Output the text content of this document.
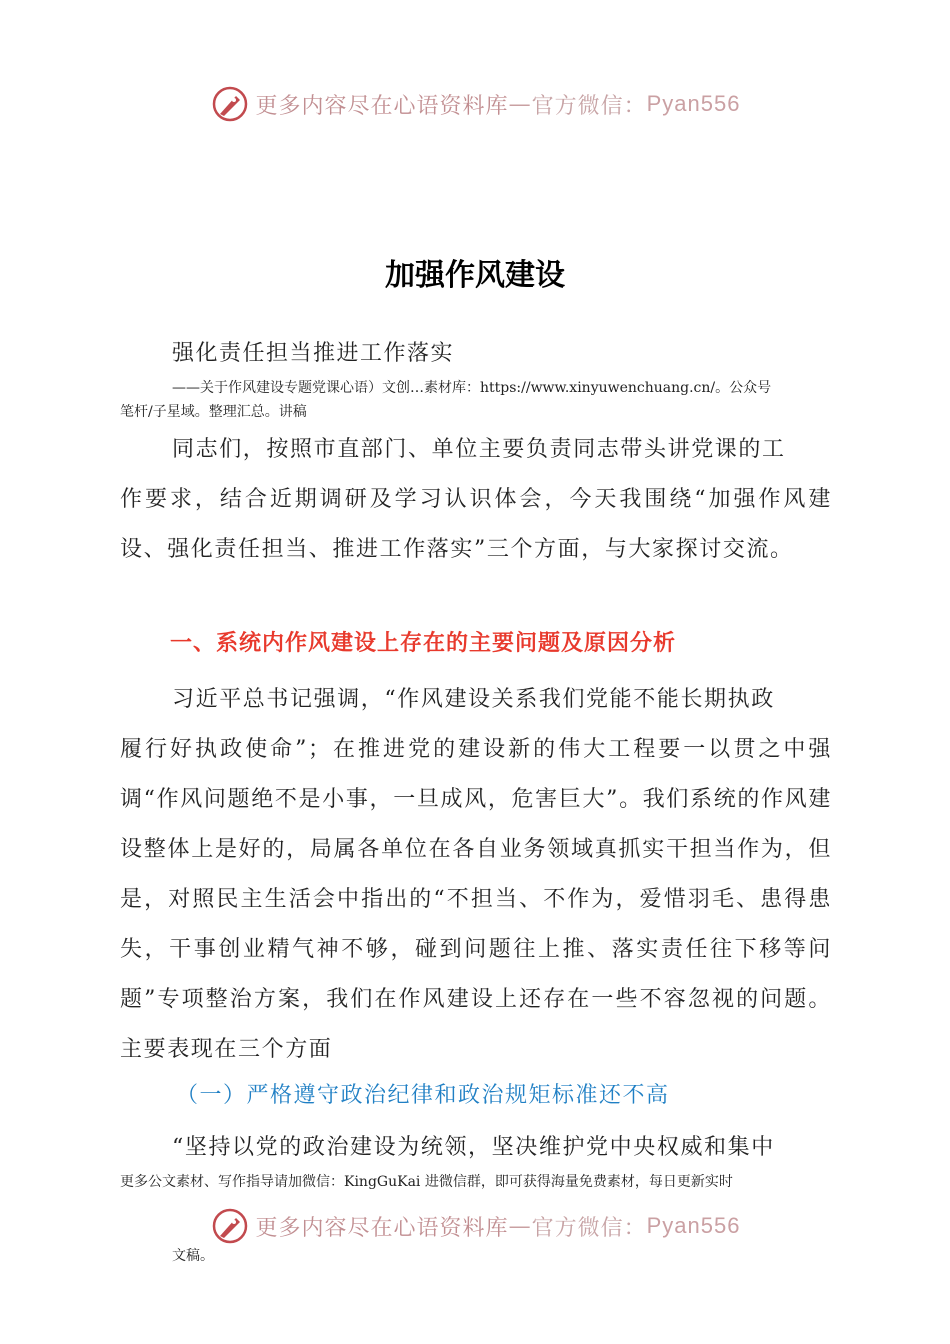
更多内容尽在心语资料库 — 官方微信： Pyan556
加强作风建设
强化责任担当推进工作落实
——关于作风建设专题党课心语）文创…素材库：https://www.xinyuwenchuang.cn/。公众号
笔杆/子星域。整理汇总。讲稿
同志们，按照市直部门、单位主要负责同志带头讲党课的工
作要求，结合近期调研及学习认识体会，今天我围绕“加强作风建设、强化责任担当、推进工作落实”三个方面，与大家探讨交流。
一、系统内作风建设上存在的主要问题及原因分析
习近平总书记强调，“作风建设关系我们党能不能长期执政
履行好执政使命”；在推进党的建设新的伟大工程要一以贯之中强调“作风问题绝不是小事，一旦成风，危害巨大”。我们系统的作风建设整体上是好的，局属各单位在各自业务领域真抓实干担当作为，但是，对照民主生活会中指出的“不担当、不作为，爱惜羽毛、患得患失，干事创业精气神不够，碰到问题往上推、落实责任往下移等问题”专项整治方案，我们在作风建设上还存在一些不容忽视的问题。主要表现在三个方面
（一）严格遵守政治纪律和政治规矩标准还不高
“坚持以党的政治建设为统领，坚决维护党中央权威和集中
更多公文素材、写作指导请加微信：KingGuKai 进微信群，即可获得海量免费素材，每日更新实时
更多内容尽在心语资料库 — 官方微信： Pyan556
文稿。
